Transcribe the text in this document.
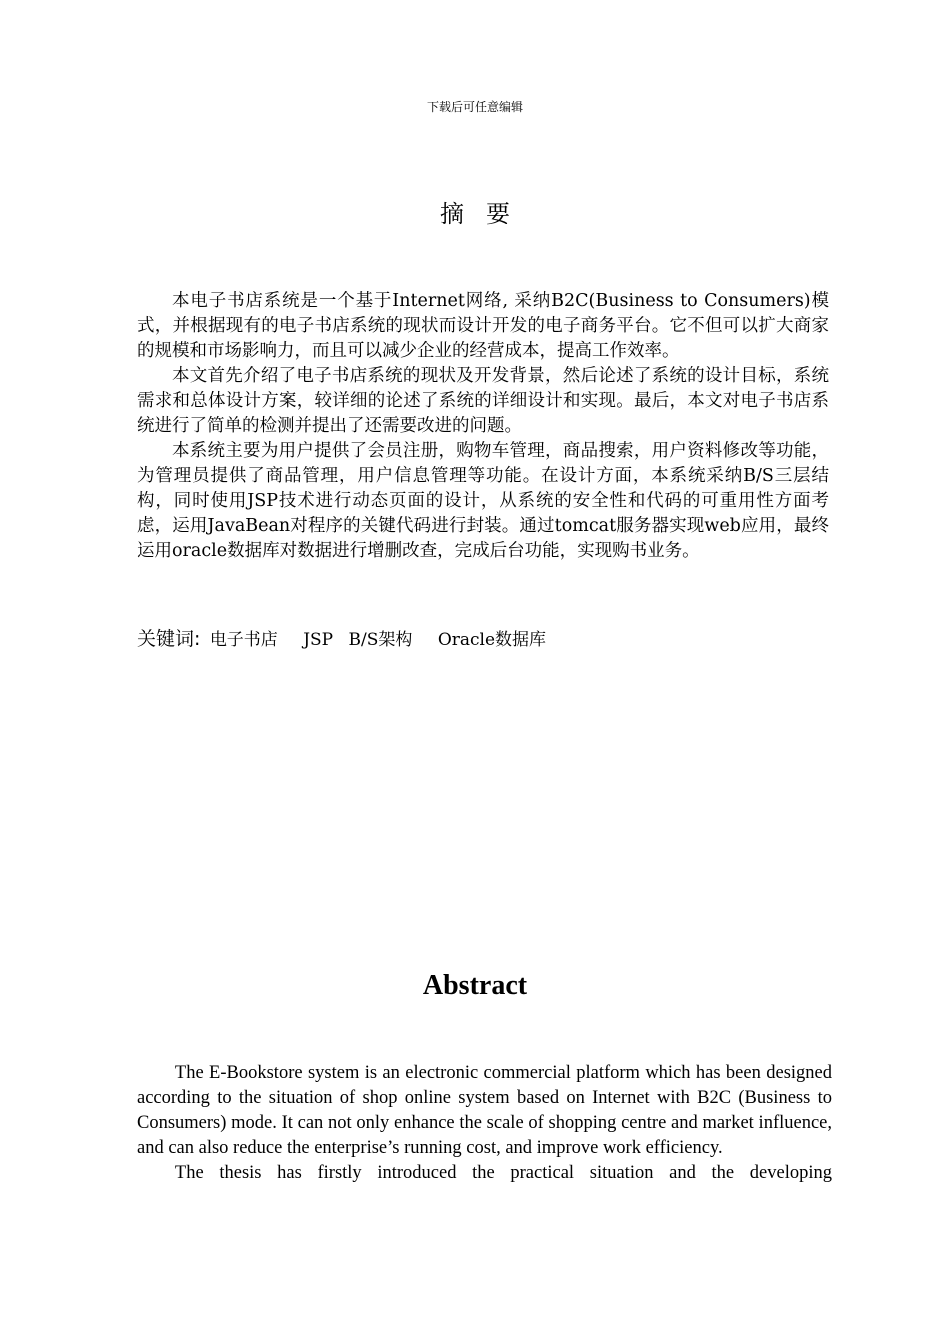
下载后可任意编辑
摘要

本电子书店系统是一个基于Internet网络, 采纳B2C(Business to Consumers)模式，并根据现有的电子书店系统的现状而设计开发的电子商务平台。它不但可以扩大商家的规模和市场影响力，而且可以减少企业的经营成本，提高工作效率。

本文首先介绍了电子书店系统的现状及开发背景，然后论述了系统的设计目标，系统需求和总体设计方案，较详细的论述了系统的详细设计和实现。最后，本文对电子书店系统进行了简单的检测并提出了还需要改进的问题。

本系统主要为用户提供了会员注册，购物车管理，商品搜索，用户资料修改等功能，为管理员提供了商品管理，用户信息管理等功能。在设计方面，本系统采纳B/S三层结构，同时使用JSP技术进行动态页面的设计，从系统的安全性和代码的可重用性方面考虑，运用JavaBean对程序的关键代码进行封装。通过tomcat服务器实现web应用，最终运用oracle数据库对数据进行增删改查，完成后台功能，实现购书业务。

关键词: 电子书店 JSP B/S架构 Oracle数据库
Abstract

The E-Bookstore system is an electronic commercial platform which has been designed according to the situation of shop online system based on Internet with B2C (Business to Consumers) mode. It can not only enhance the scale of shopping centre and market influence, and can also reduce the enterprise’s running cost, and improve work efficiency.

The thesis has firstly introduced the practical situation and the developing
